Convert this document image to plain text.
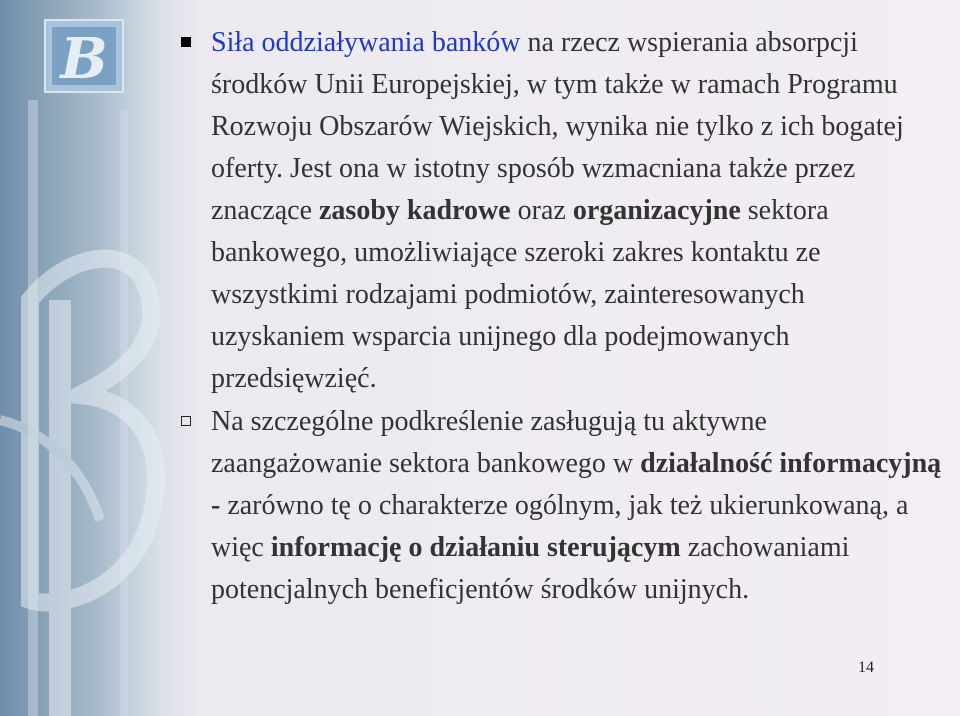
B	Siła oddziaływania banków na rzecz wspierania absorpcji środków Unii Europejskiej, w tym także w ramach Programu Rozwoju Obszarów Wiejskich, wynika nie tylko z ich bogatej oferty. Jest ona w istotny sposób wzmacniana także przez znaczące zasoby kadrowe oraz organizacyjne sektora bankowego, umożliwiające szeroki zakres kontaktu ze wszystkimi rodzajami podmiotów, zainteresowanych uzyskaniem wsparcia unijnego dla podejmowanych przedsięwzięć.

Na szczególne podkreślenie zasługują tu aktywne zaangażowanie sektora bankowego w działalność informacyjną - zarówno tę o charakterze ogólnym, jak też ukierunkowaną, a więc informację o działaniu sterującym zachowaniami potencjalnych beneficjentów środków unijnych.

14
